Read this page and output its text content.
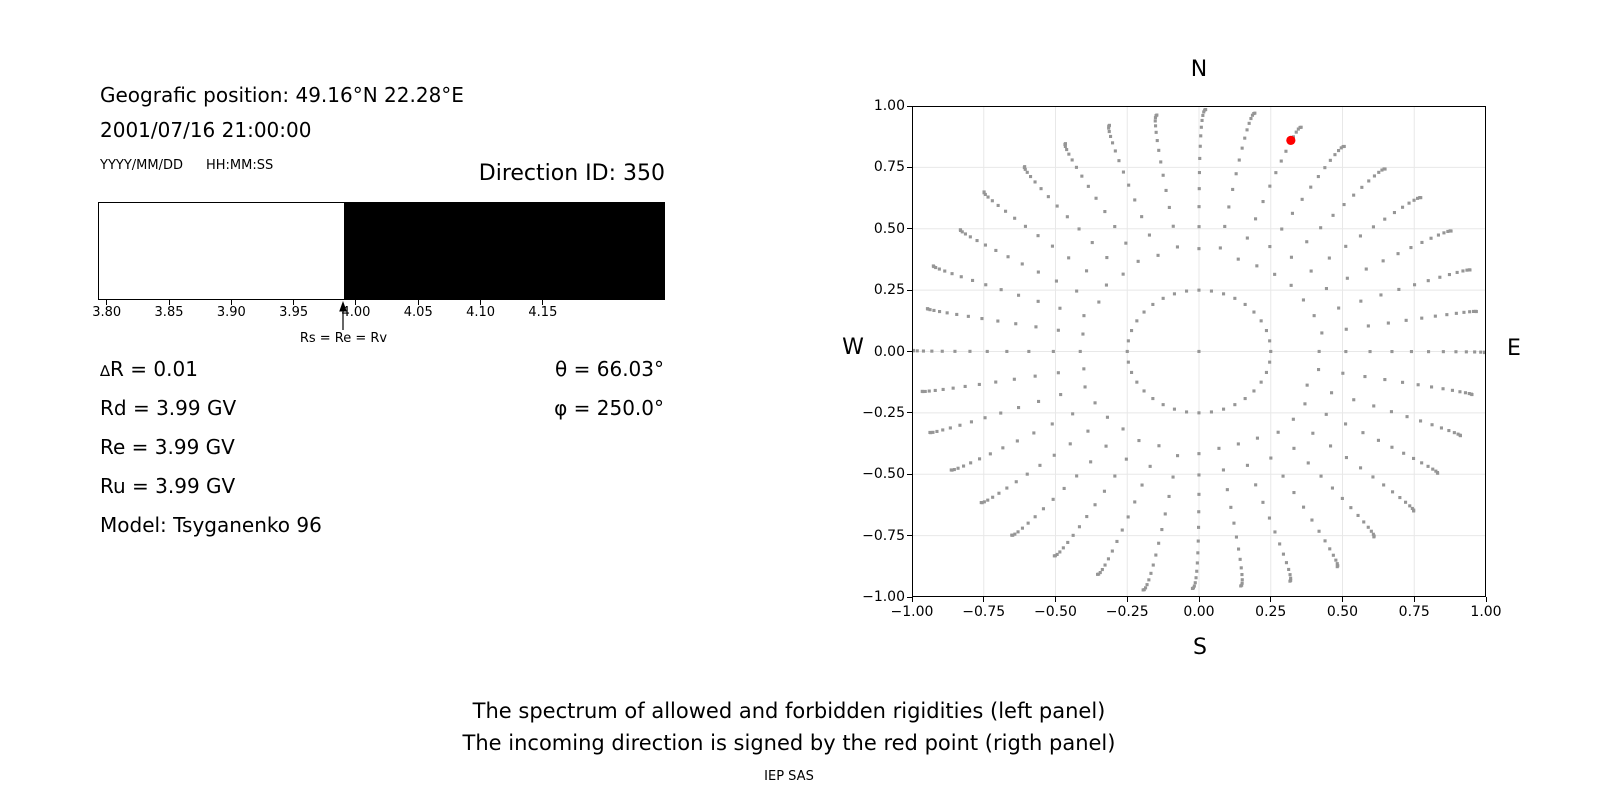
Geografic position: 49.16°N 22.28°E
2001/07/16 21:00:00
YYYY/MM/DD HH:MM:SS	Direction ID: 350
Rs = Re = Rv
∆R = 0.01
Rd = 3.99 GV
Re = 3.99 GV
Ru = 3.99 GV
Model: Tsyganenko 96
θ = 66.03°
φ = 250.0°
N
S
W	E
The spectrum of allowed and forbidden rigidities (left panel)
The incoming direction is signed by the red point (rigth panel)
IEP SAS
3.80	3.85	3.90	3.95	4.00	4.05	4.10	4.15
−1.00 −0.75 −0.50 −0.25 0.00	0.25	0.50	0.75	1.00
1.00
0.75
0.50
0.25
0.00
−0.25
−0.50
−0.75
−1.00
